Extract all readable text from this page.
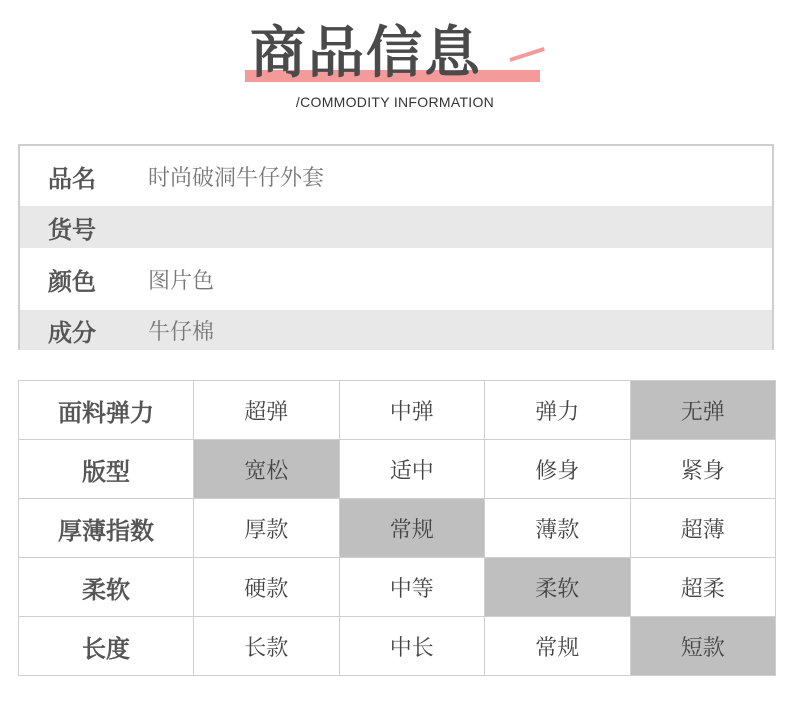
商品信息
/COMMODITY INFORMATION
品名	时尚破洞牛仔外套
货号
颜色	图片色
成分	牛仔棉
面料弹力	超弹	中弹	弹力	无弹
版型	宽松	适中	修身	紧身
厚薄指数	厚款	常规	薄款	超薄
柔软	硬款	中等	柔软	超柔
长度	长款	中长	常规	短款
